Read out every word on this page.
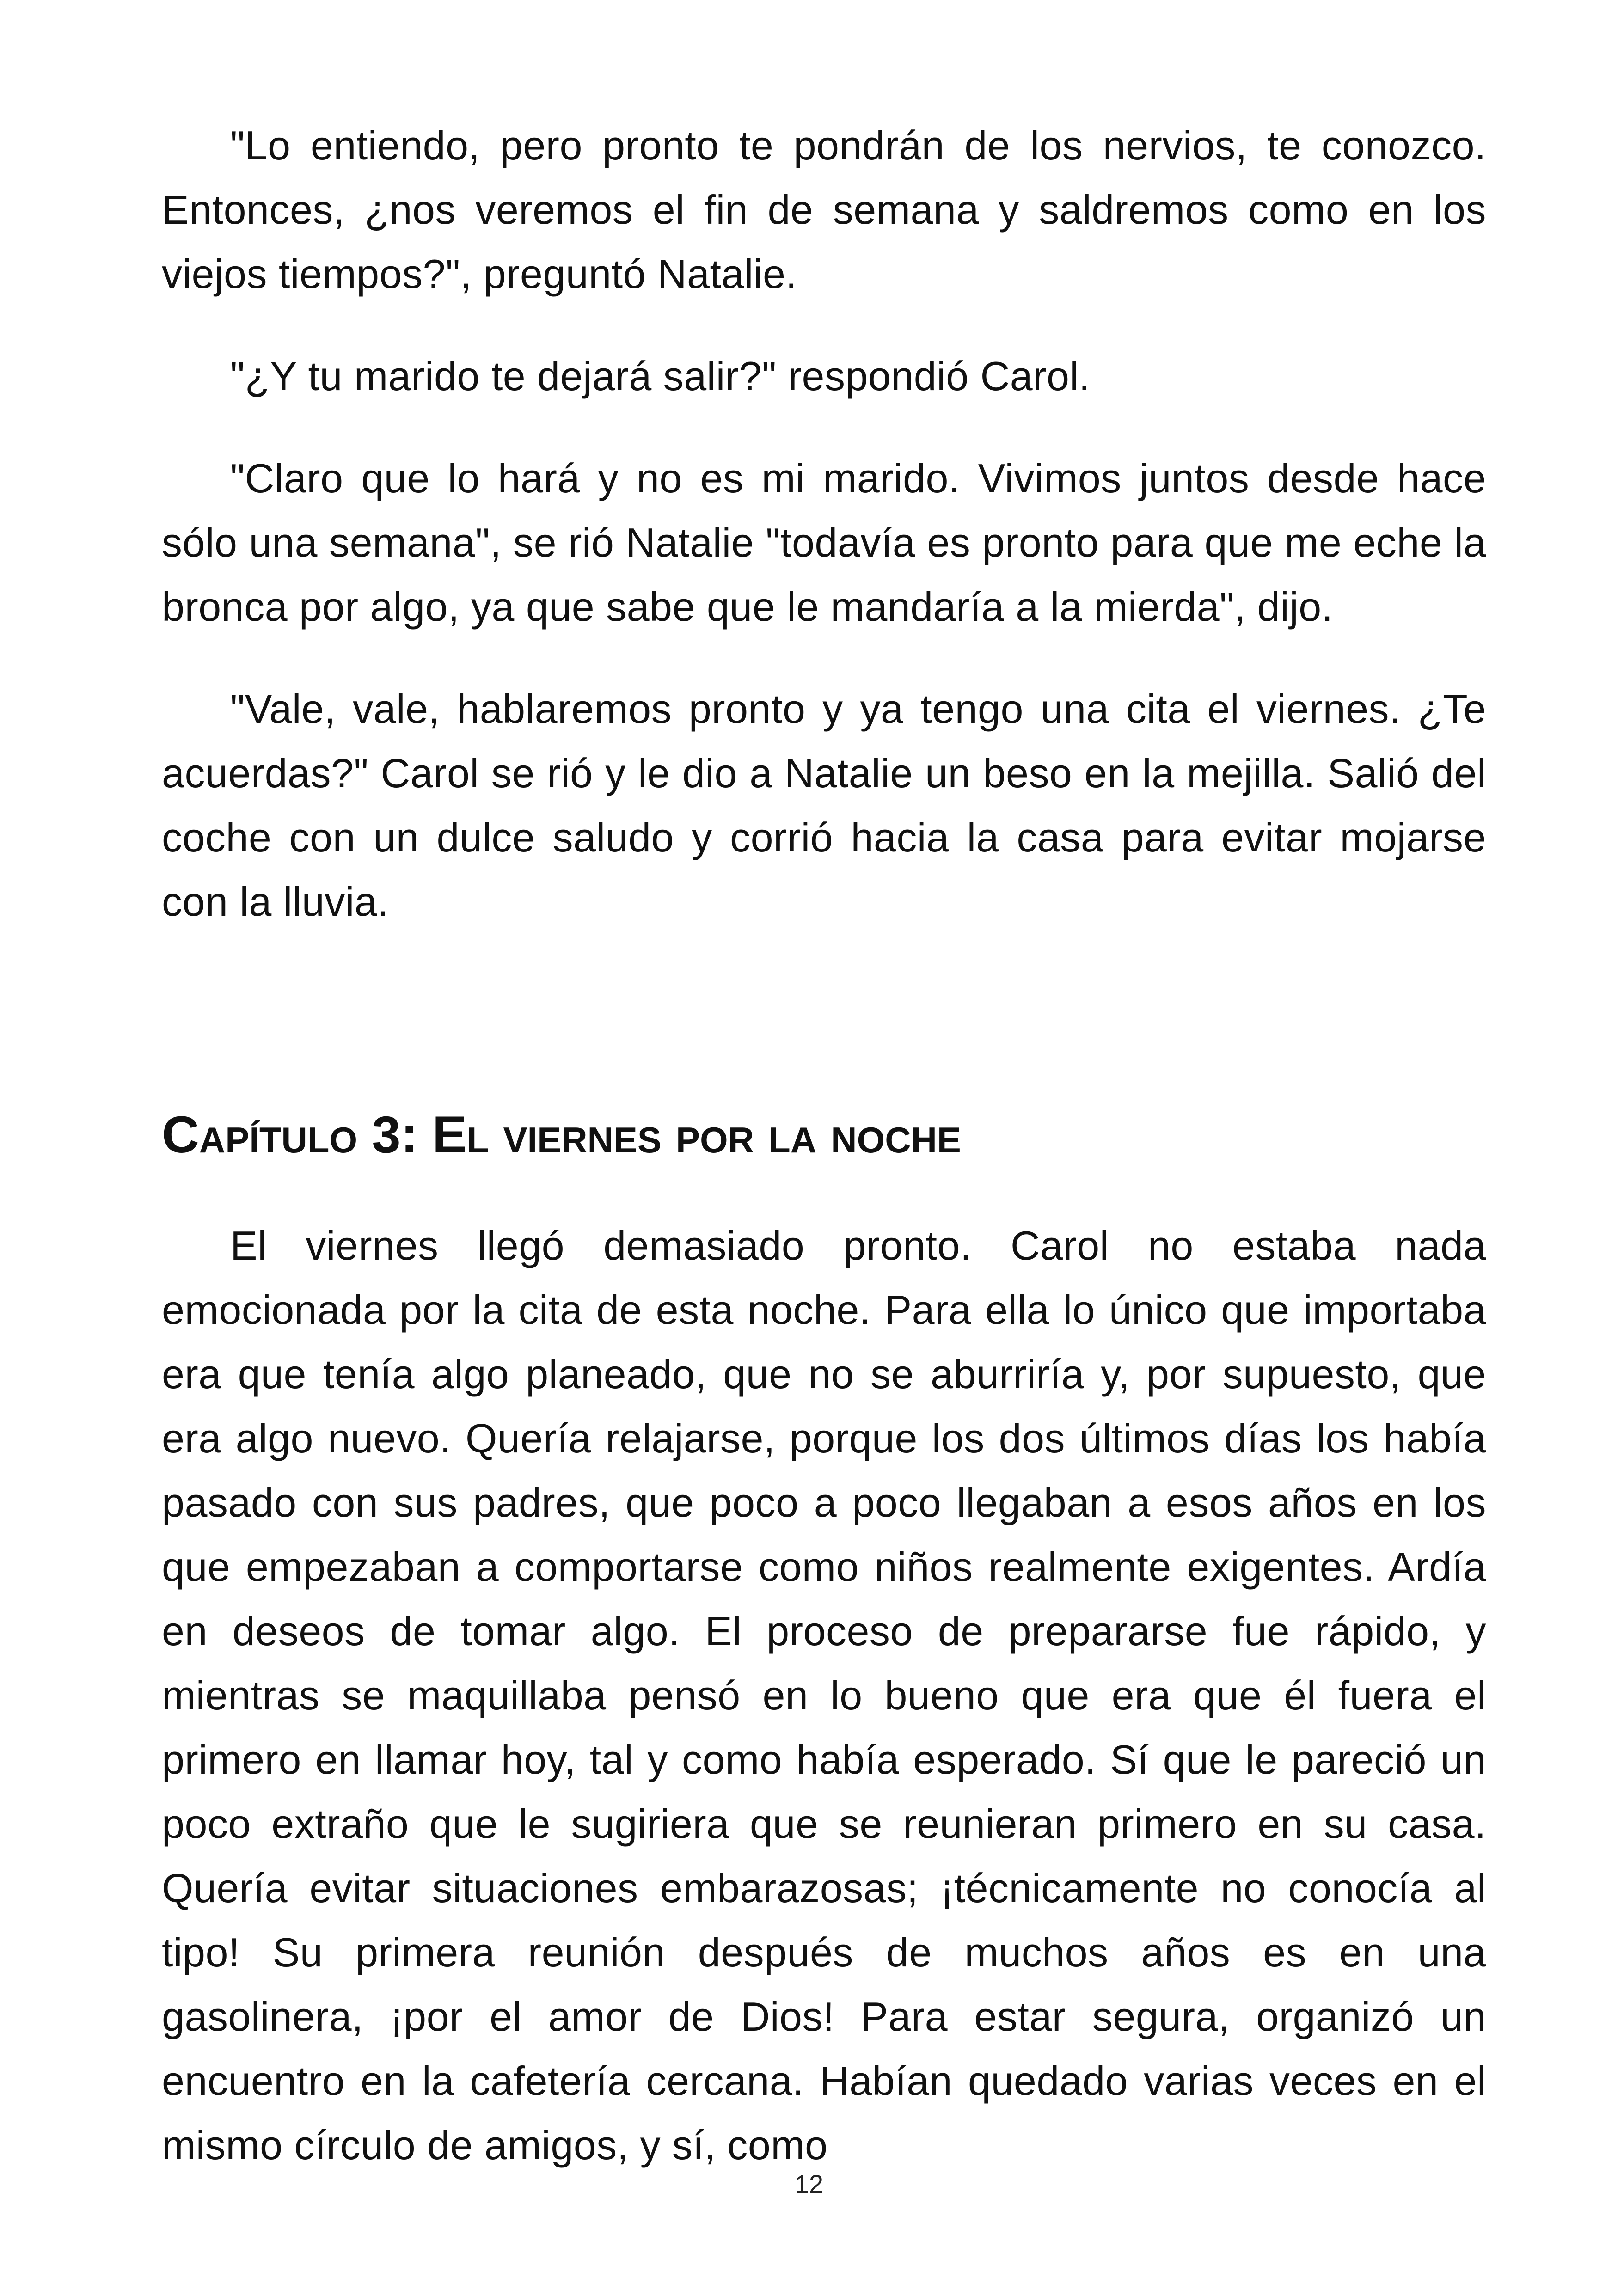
"Lo entiendo, pero pronto te pondrán de los nervios, te conozco. Entonces, ¿nos veremos el fin de semana y saldremos como en los viejos tiempos?", preguntó Natalie.

"¿Y tu marido te dejará salir?" respondió Carol.

"Claro que lo hará y no es mi marido. Vivimos juntos desde hace sólo una semana", se rió Natalie "todavía es pronto para que me eche la bronca por algo, ya que sabe que le mandaría a la mierda", dijo.

"Vale, vale, hablaremos pronto y ya tengo una cita el viernes. ¿Te acuerdas?" Carol se rió y le dio a Natalie un beso en la mejilla. Salió del coche con un dulce saludo y corrió hacia la casa para evitar mojarse con la lluvia.

Capítulo 3: El viernes por la noche

El viernes llegó demasiado pronto. Carol no estaba nada emocionada por la cita de esta noche. Para ella lo único que importaba era que tenía algo planeado, que no se aburriría y, por supuesto, que era algo nuevo. Quería relajarse, porque los dos últimos días los había pasado con sus padres, que poco a poco llegaban a esos años en los que empezaban a comportarse como niños realmente exigentes. Ardía en deseos de tomar algo. El proceso de prepararse fue rápido, y mientras se maquillaba pensó en lo bueno que era que él fuera el primero en llamar hoy, tal y como había esperado. Sí que le pareció un poco extraño que le sugiriera que se reunieran primero en su casa. Quería evitar situaciones embarazosas; ¡técnicamente no conocía al tipo! Su primera reunión después de muchos años es en una gasolinera, ¡por el amor de Dios! Para estar segura, organizó un encuentro en la cafetería cercana. Habían quedado varias veces en el mismo círculo de amigos, y sí, como

12
